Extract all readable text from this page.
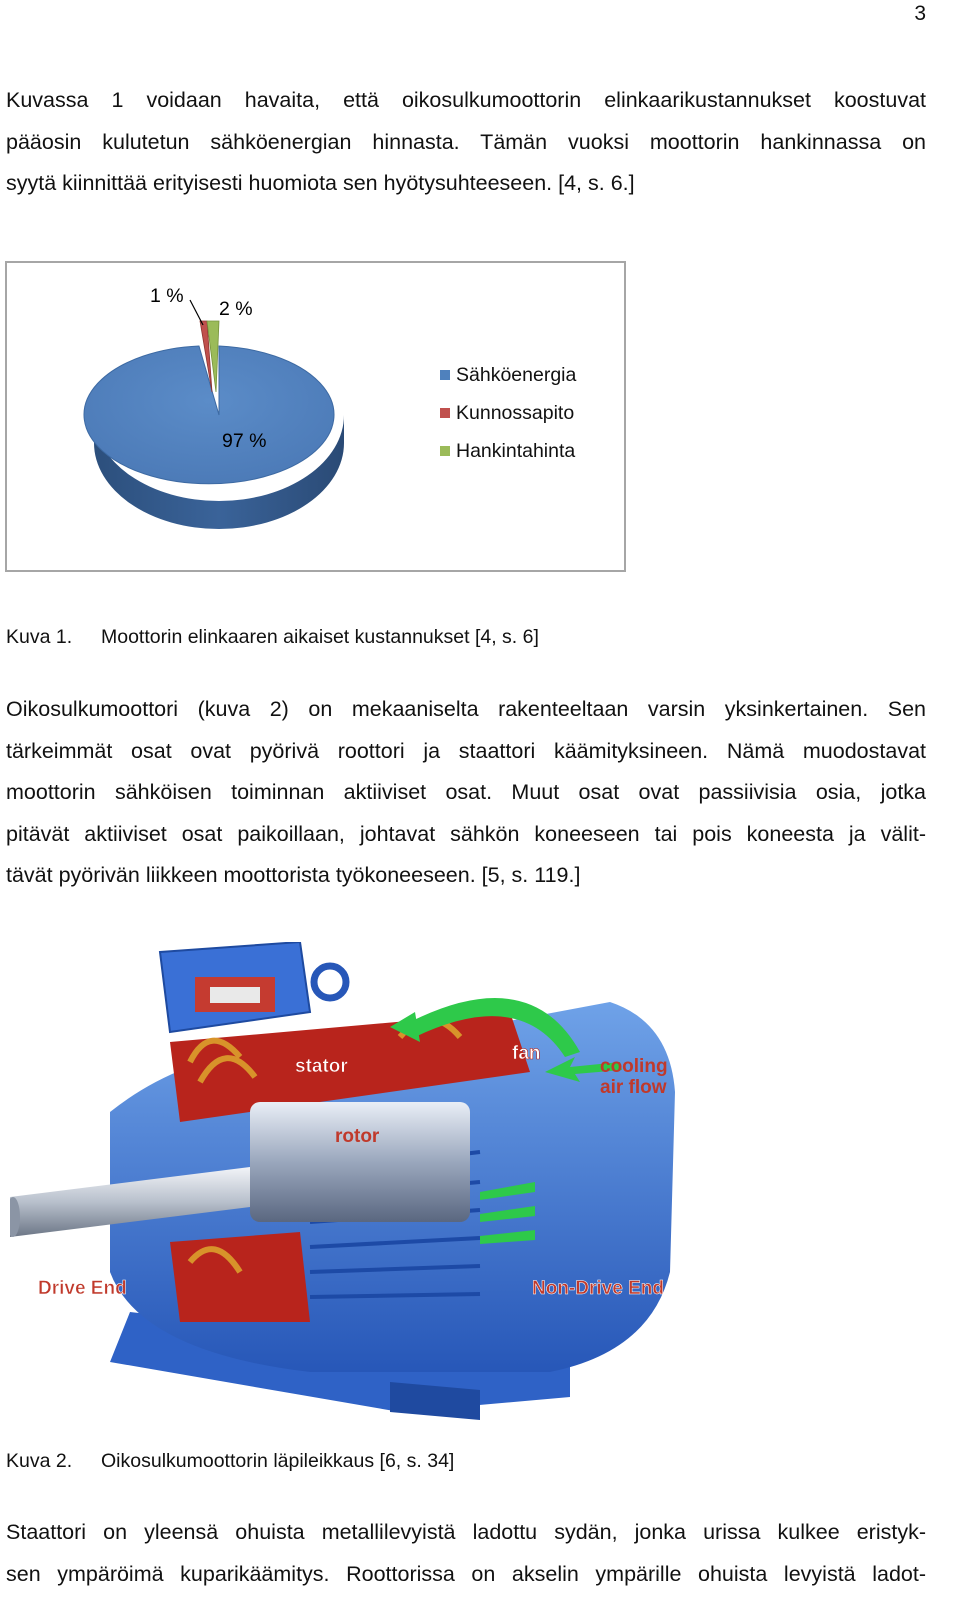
3
Kuvassa 1 voidaan havaita, että oikosulkumoottorin elinkaarikustannukset koostuvat
pääosin kulutetun sähköenergian hinnasta. Tämän vuoksi moottorin hankinnassa on
syytä kiinnittää erityisesti huomiota sen hyötysuhteeseen. [4, s. 6.]
1 %
2 %
97 %
Sähköenergia
Kunnossapito
Hankintahinta
Kuva 1. Moottorin elinkaaren aikaiset kustannukset [4, s. 6]
Oikosulkumoottori (kuva 2) on mekaaniselta rakenteeltaan varsin yksinkertainen. Sen
tärkeimmät osat ovat pyörivä roottori ja staattori käämityksineen. Nämä muodostavat
moottorin sähköisen toiminnan aktiiviset osat. Muut osat ovat passiivisia osia, jotka
pitävät aktiiviset osat paikoillaan, johtavat sähkön koneeseen tai pois koneesta ja välit-
tävät pyörivän liikkeen moottorista työkoneeseen. [5, s. 119.]
stator
rotor
fan
cooling
air flow
Drive End	Non-Drive End
Kuva 2. Oikosulkumoottorin läpileikkaus [6, s. 34]
Staattori on yleensä ohuista metallilevyistä ladottu sydän, jonka urissa kulkee eristyk-
sen ympäröimä kuparikäämitys. Roottorissa on akselin ympärille ohuista levyistä ladot-
